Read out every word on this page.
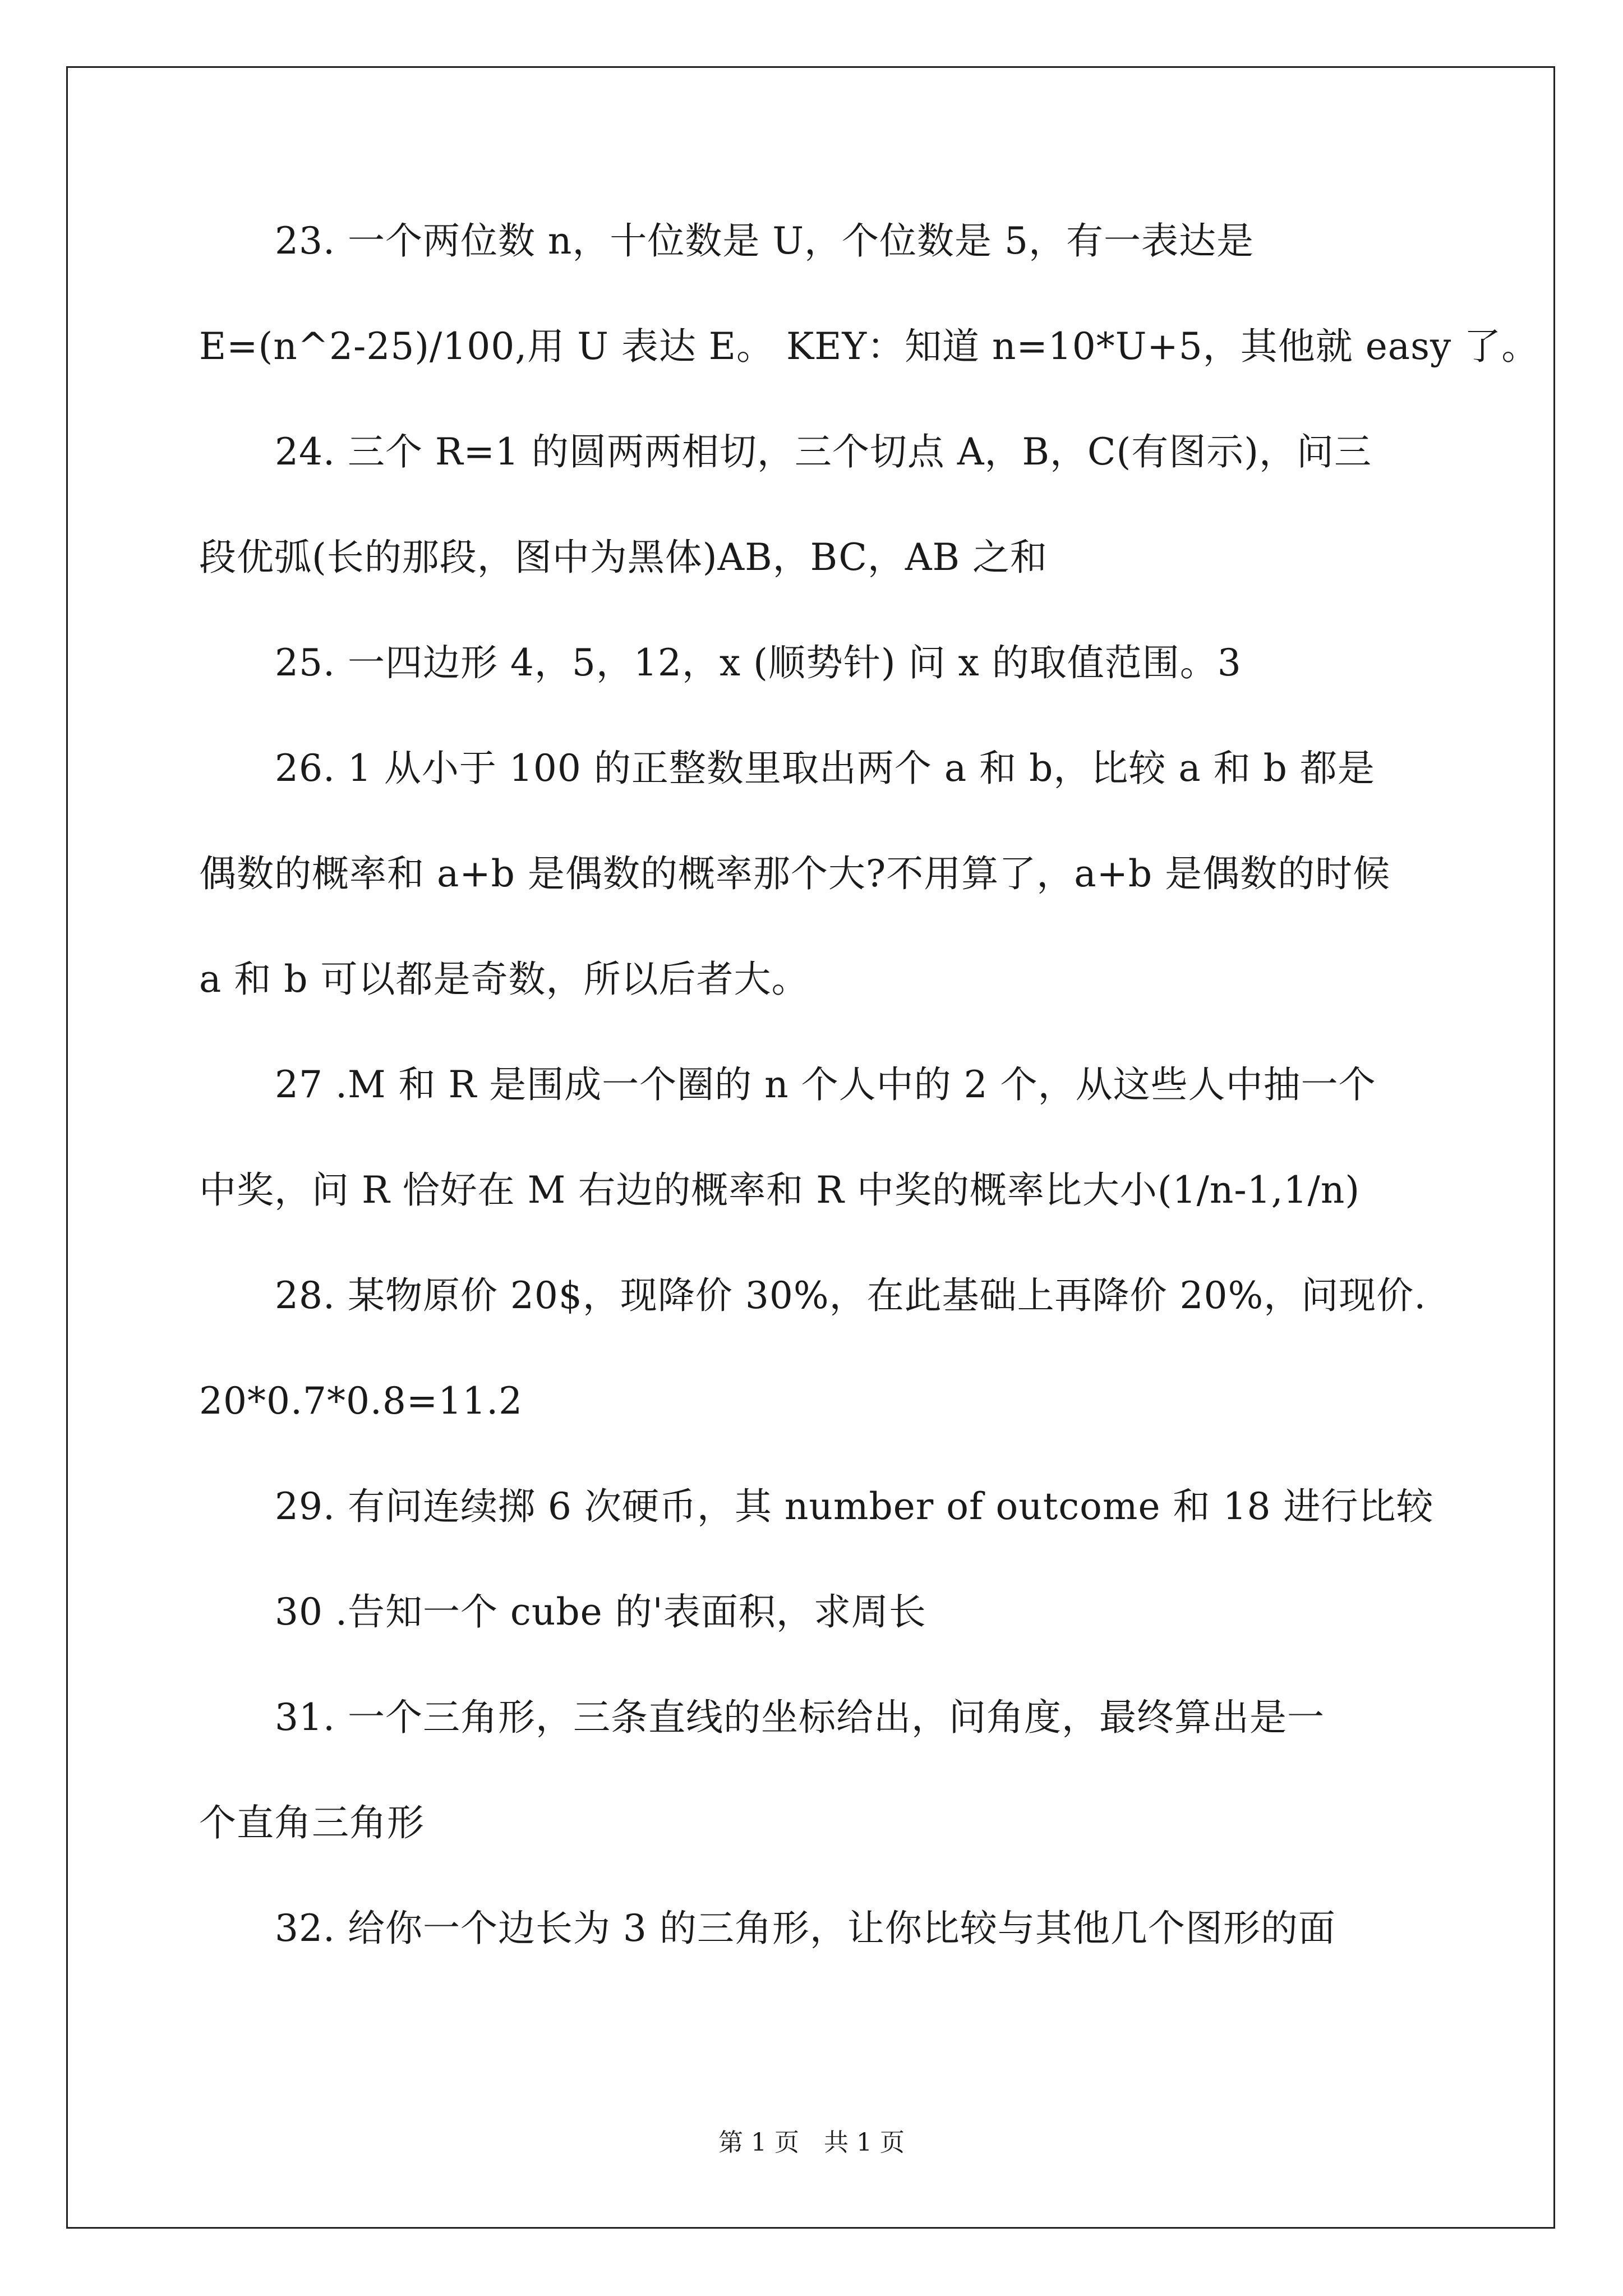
23. 一个两位数 n，十位数是 U，个位数是 5，有一表达是
E=(n^2-25)/100,用 U 表达 E。 KEY：知道 n=10*U+5，其他就 easy 了。
24. 三个 R=1 的圆两两相切，三个切点 A，B，C(有图示)，问三
段优弧(长的那段，图中为黑体)AB，BC，AB 之和
25. 一四边形 4，5，12，x (顺势针) 问 x 的取值范围。3
26. 1 从小于 100 的正整数里取出两个 a 和 b，比较 a 和 b 都是
偶数的概率和 a+b 是偶数的概率那个大?不用算了，a+b 是偶数的时候
a 和 b 可以都是奇数，所以后者大。
27 .M 和 R 是围成一个圈的 n 个人中的 2 个，从这些人中抽一个
中奖，问 R 恰好在 M 右边的概率和 R 中奖的概率比大小(1/n-1,1/n)
28. 某物原价 20$，现降价 30%，在此基础上再降价 20%，问现价.
20*0.7*0.8=11.2
29. 有问连续掷 6 次硬币，其 number of outcome 和 18 进行比较
30 .告知一个 cube 的'表面积，求周长
31. 一个三角形，三条直线的坐标给出，问角度，最终算出是一
个直角三角形
32. 给你一个边长为 3 的三角形，让你比较与其他几个图形的面
第 1 页　共 1 页
